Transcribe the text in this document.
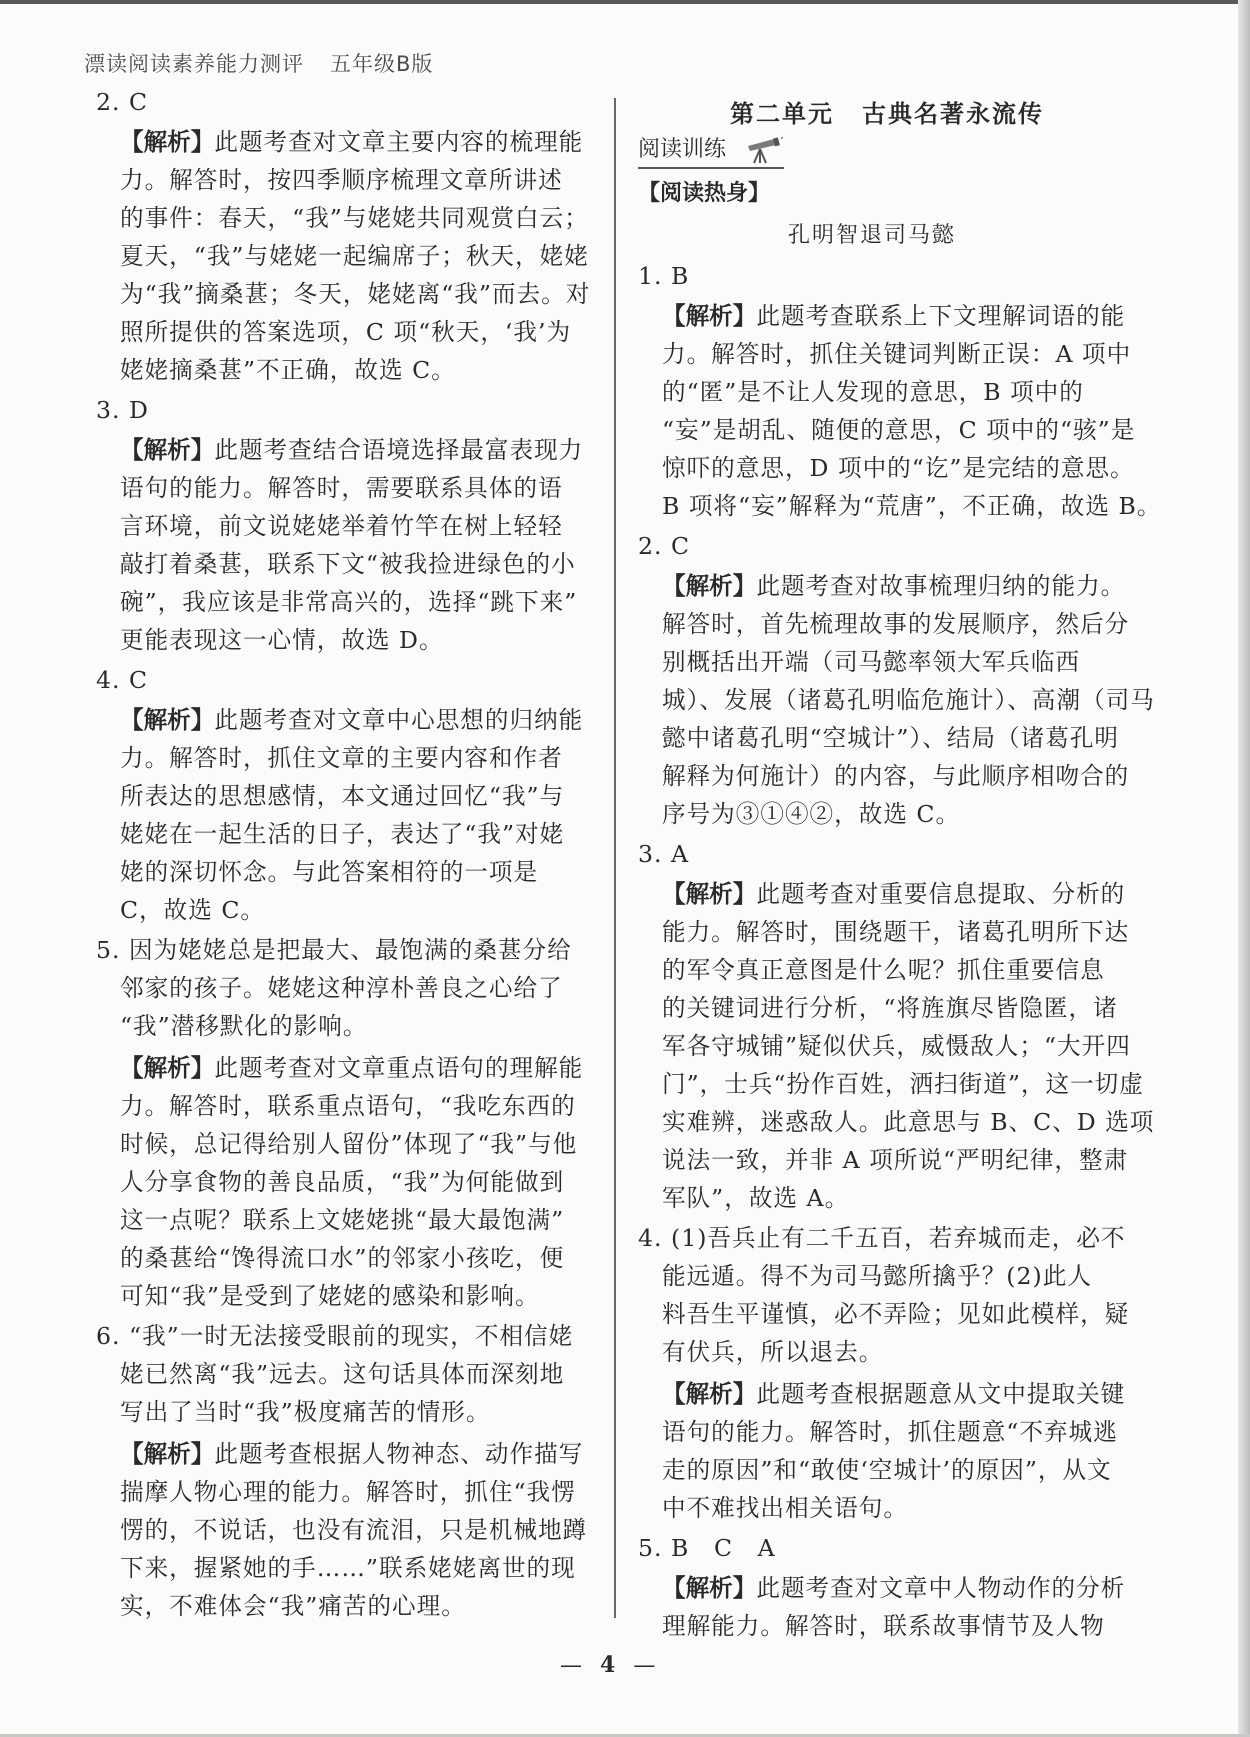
漂读阅读素养能力测评 五年级B版
2. C
【解析】此题考查对文章主要内容的梳理能
力。解答时，按四季顺序梳理文章所讲述
的事件：春天，“我”与姥姥共同观赏白云；
夏天，“我”与姥姥一起编席子；秋天，姥姥
为“我”摘桑葚；冬天，姥姥离“我”而去。对
照所提供的答案选项，C 项“秋天，‘我’为
姥姥摘桑葚”不正确，故选 C。
3. D
【解析】此题考查结合语境选择最富表现力
语句的能力。解答时，需要联系具体的语
言环境，前文说姥姥举着竹竿在树上轻轻
敲打着桑葚，联系下文“被我捡进绿色的小
碗”，我应该是非常高兴的，选择“跳下来”
更能表现这一心情，故选 D。
4. C
【解析】此题考查对文章中心思想的归纳能
力。解答时，抓住文章的主要内容和作者
所表达的思想感情，本文通过回忆“我”与
姥姥在一起生活的日子，表达了“我”对姥
姥的深切怀念。与此答案相符的一项是
C，故选 C。
5. 因为姥姥总是把最大、最饱满的桑葚分给
邻家的孩子。姥姥这种淳朴善良之心给了
“我”潜移默化的影响。
【解析】此题考查对文章重点语句的理解能
力。解答时，联系重点语句，“我吃东西的
时候，总记得给别人留份”体现了“我”与他
人分享食物的善良品质，“我”为何能做到
这一点呢？联系上文姥姥挑“最大最饱满”
的桑葚给“馋得流口水”的邻家小孩吃，便
可知“我”是受到了姥姥的感染和影响。
6. “我”一时无法接受眼前的现实，不相信姥
姥已然离“我”远去。这句话具体而深刻地
写出了当时“我”极度痛苦的情形。
【解析】此题考查根据人物神态、动作描写
揣摩人物心理的能力。解答时，抓住“我愣
愣的，不说话，也没有流泪，只是机械地蹲
下来，握紧她的手……”联系姥姥离世的现
实，不难体会“我”痛苦的心理。
第二单元 古典名著永流传
阅读训练
【阅读热身】
孔明智退司马懿
1. B
【解析】此题考查联系上下文理解词语的能
力。解答时，抓住关键词判断正误：A 项中
的“匿”是不让人发现的意思，B 项中的
“妄”是胡乱、随便的意思，C 项中的“骇”是
惊吓的意思，D 项中的“讫”是完结的意思。
B 项将“妄”解释为“荒唐”，不正确，故选 B。
2. C
【解析】此题考查对故事梳理归纳的能力。
解答时，首先梳理故事的发展顺序，然后分
别概括出开端（司马懿率领大军兵临西
城）、发展（诸葛孔明临危施计）、高潮（司马
懿中诸葛孔明“空城计”）、结局（诸葛孔明
解释为何施计）的内容，与此顺序相吻合的
序号为③①④②，故选 C。
3. A
【解析】此题考查对重要信息提取、分析的
能力。解答时，围绕题干，诸葛孔明所下达
的军令真正意图是什么呢？抓住重要信息
的关键词进行分析，“将旌旗尽皆隐匿，诸
军各守城铺”疑似伏兵，威慑敌人；“大开四
门”，士兵“扮作百姓，洒扫街道”，这一切虚
实难辨，迷惑敌人。此意思与 B、C、D 选项
说法一致，并非 A 项所说“严明纪律，整肃
军队”，故选 A。
4. (1)吾兵止有二千五百，若弃城而走，必不
能远遁。得不为司马懿所擒乎？(2)此人
料吾生平谨慎，必不弄险；见如此模样，疑
有伏兵，所以退去。
【解析】此题考查根据题意从文中提取关键
语句的能力。解答时，抓住题意“不弃城逃
走的原因”和“敢使‘空城计’的原因”，从文
中不难找出相关语句。
5. B　C　A
【解析】此题考查对文章中人物动作的分析
理解能力。解答时，联系故事情节及人物
— 4 —
